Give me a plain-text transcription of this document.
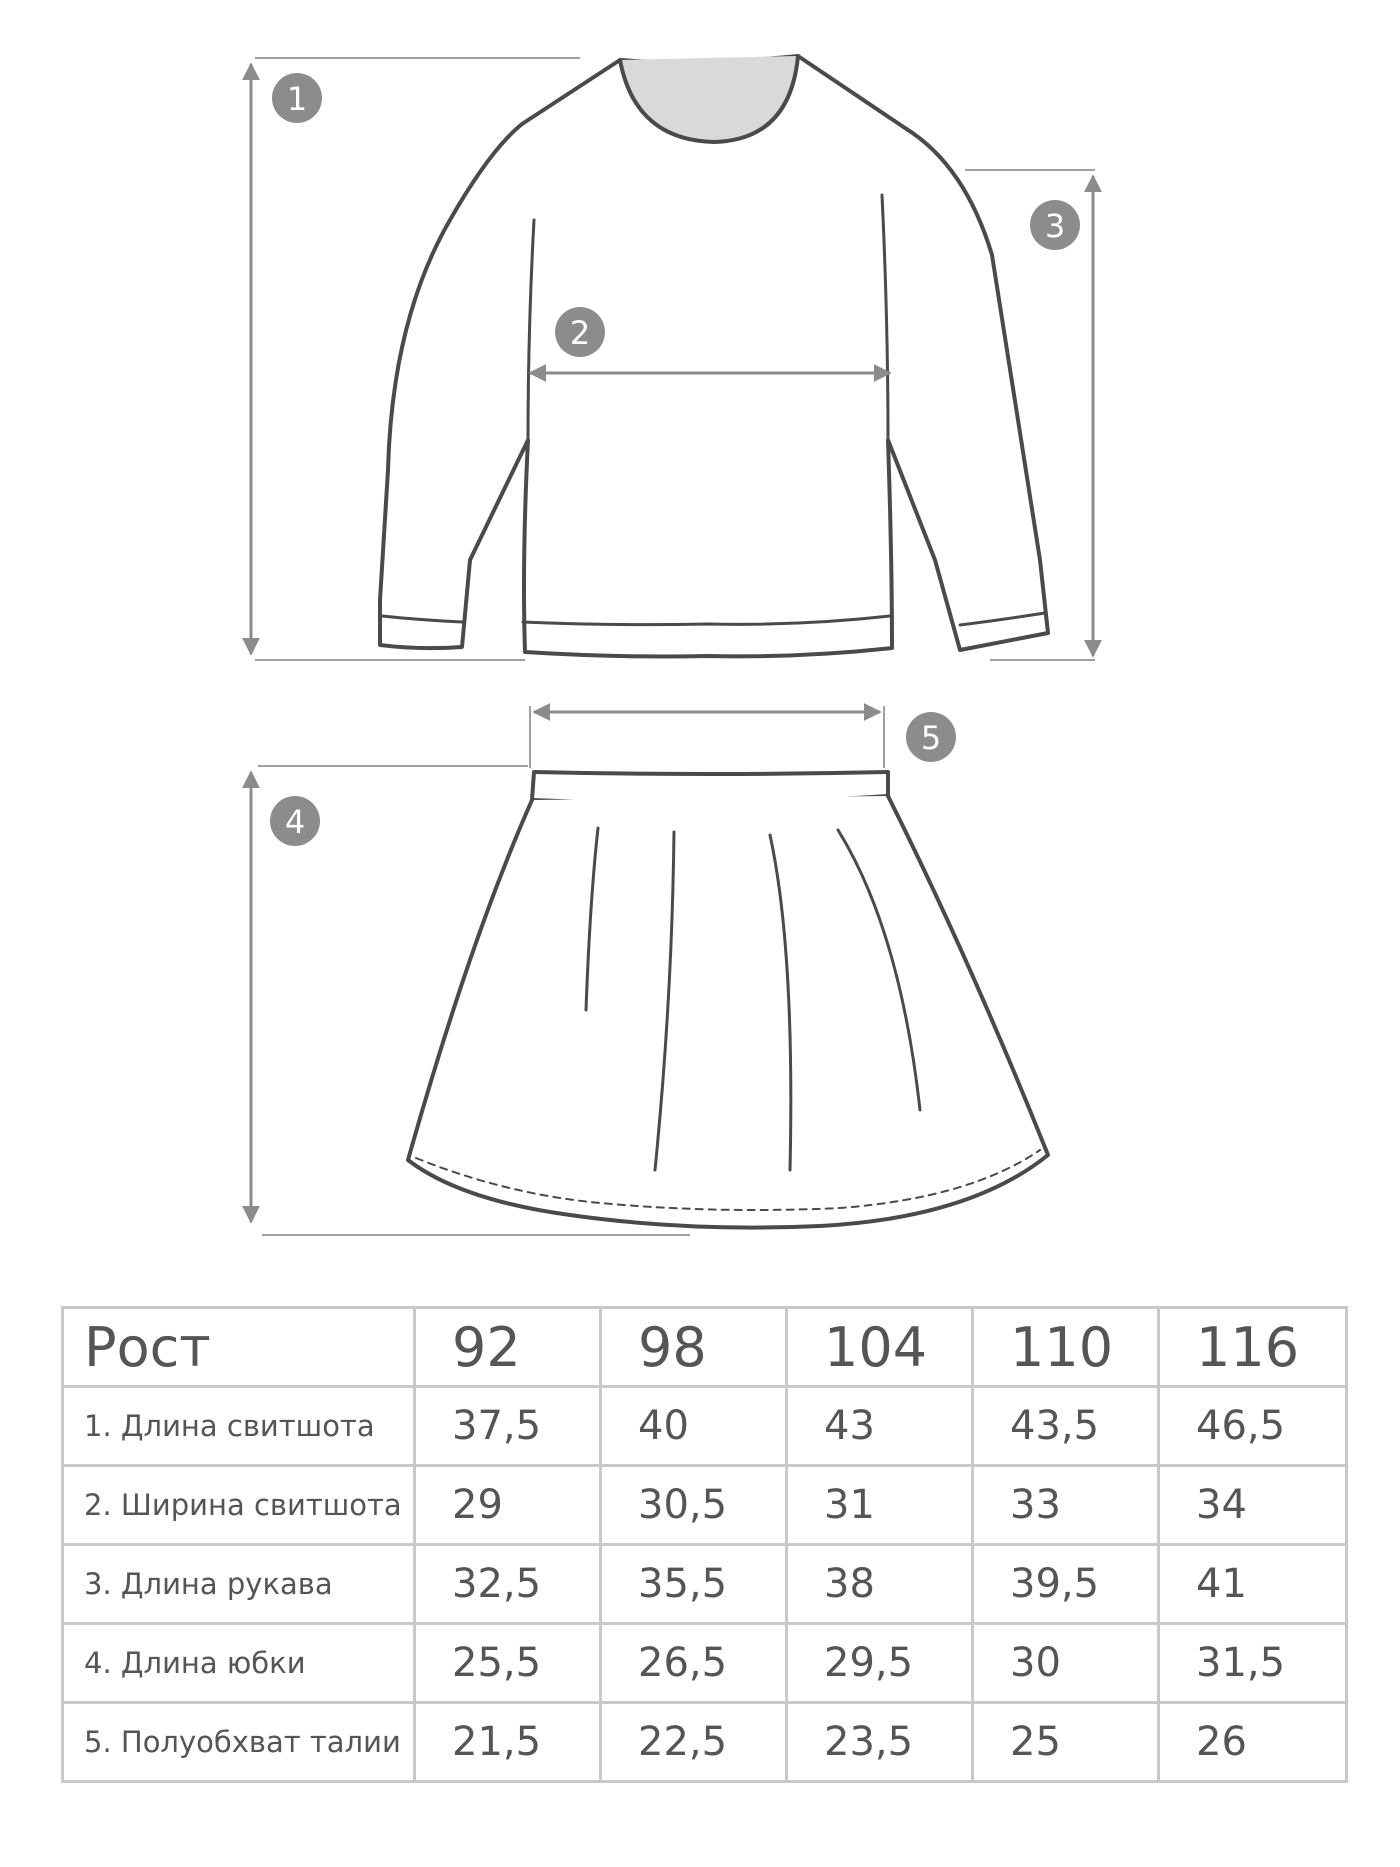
1
2
3
4
5
Рост	92	98	104	110	116
1. Длина свитшота	37,5	40	43	43,5	46,5
2. Ширина свитшота	29	30,5	31	33	34
3. Длина рукава	32,5	35,5	38	39,5	41
4. Длина юбки	25,5	26,5	29,5	30	31,5
5. Полуобхват талии	21,5	22,5	23,5	25	26
